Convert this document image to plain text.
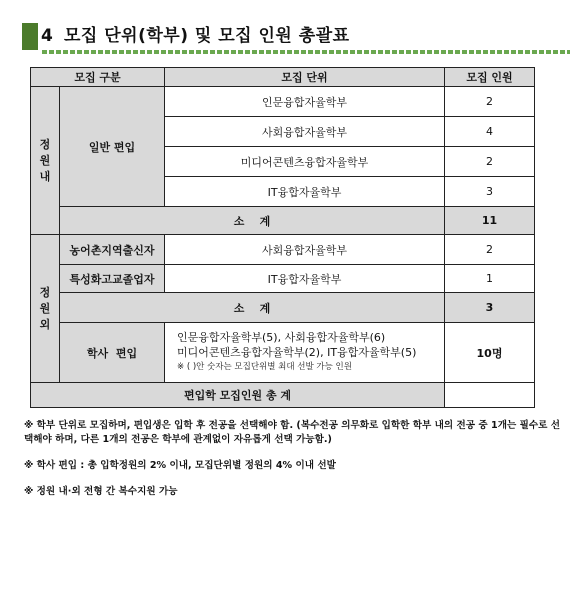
4 모집 단위(학부) 및 모집 인원 총괄표
모집 구분		모집 단위	모집 인원

정
원
내	일반 편입	인문융합자율학부	2
		사회융합자율학부	4
		미디어콘텐츠융합자율학부	2
		IT융합자율학부	3
	소    계		11

정
원
외	농어촌지역출신자	사회융합자율학부	2
	특성화고교졸업자	IT융합자율학부	1
	소    계		3
	학사  편입	인문융합자율학부(5), 사회융합자율학부(6)
미디어콘텐츠융합자율학부(2), IT융합자율학부(5)
※ ( )안 숫자는 모집단위별 최대 선발 가능 인원	10명
편입학 모집인원 총 계			

※ 학부 단위로 모집하며, 편입생은 입학 후 전공을 선택해야 함. (복수전공 의무화로 입학한 학부 내의 전공 중 1개는 필수로 선택해야 하며, 다른 1개의 전공은 학부에 관계없이 자유롭게 선택 가능함.)

※ 학사 편입 : 총 입학정원의 2% 이내, 모집단위별 정원의 4% 이내 선발

※ 정원 내·외 전형 간 복수지원 가능
